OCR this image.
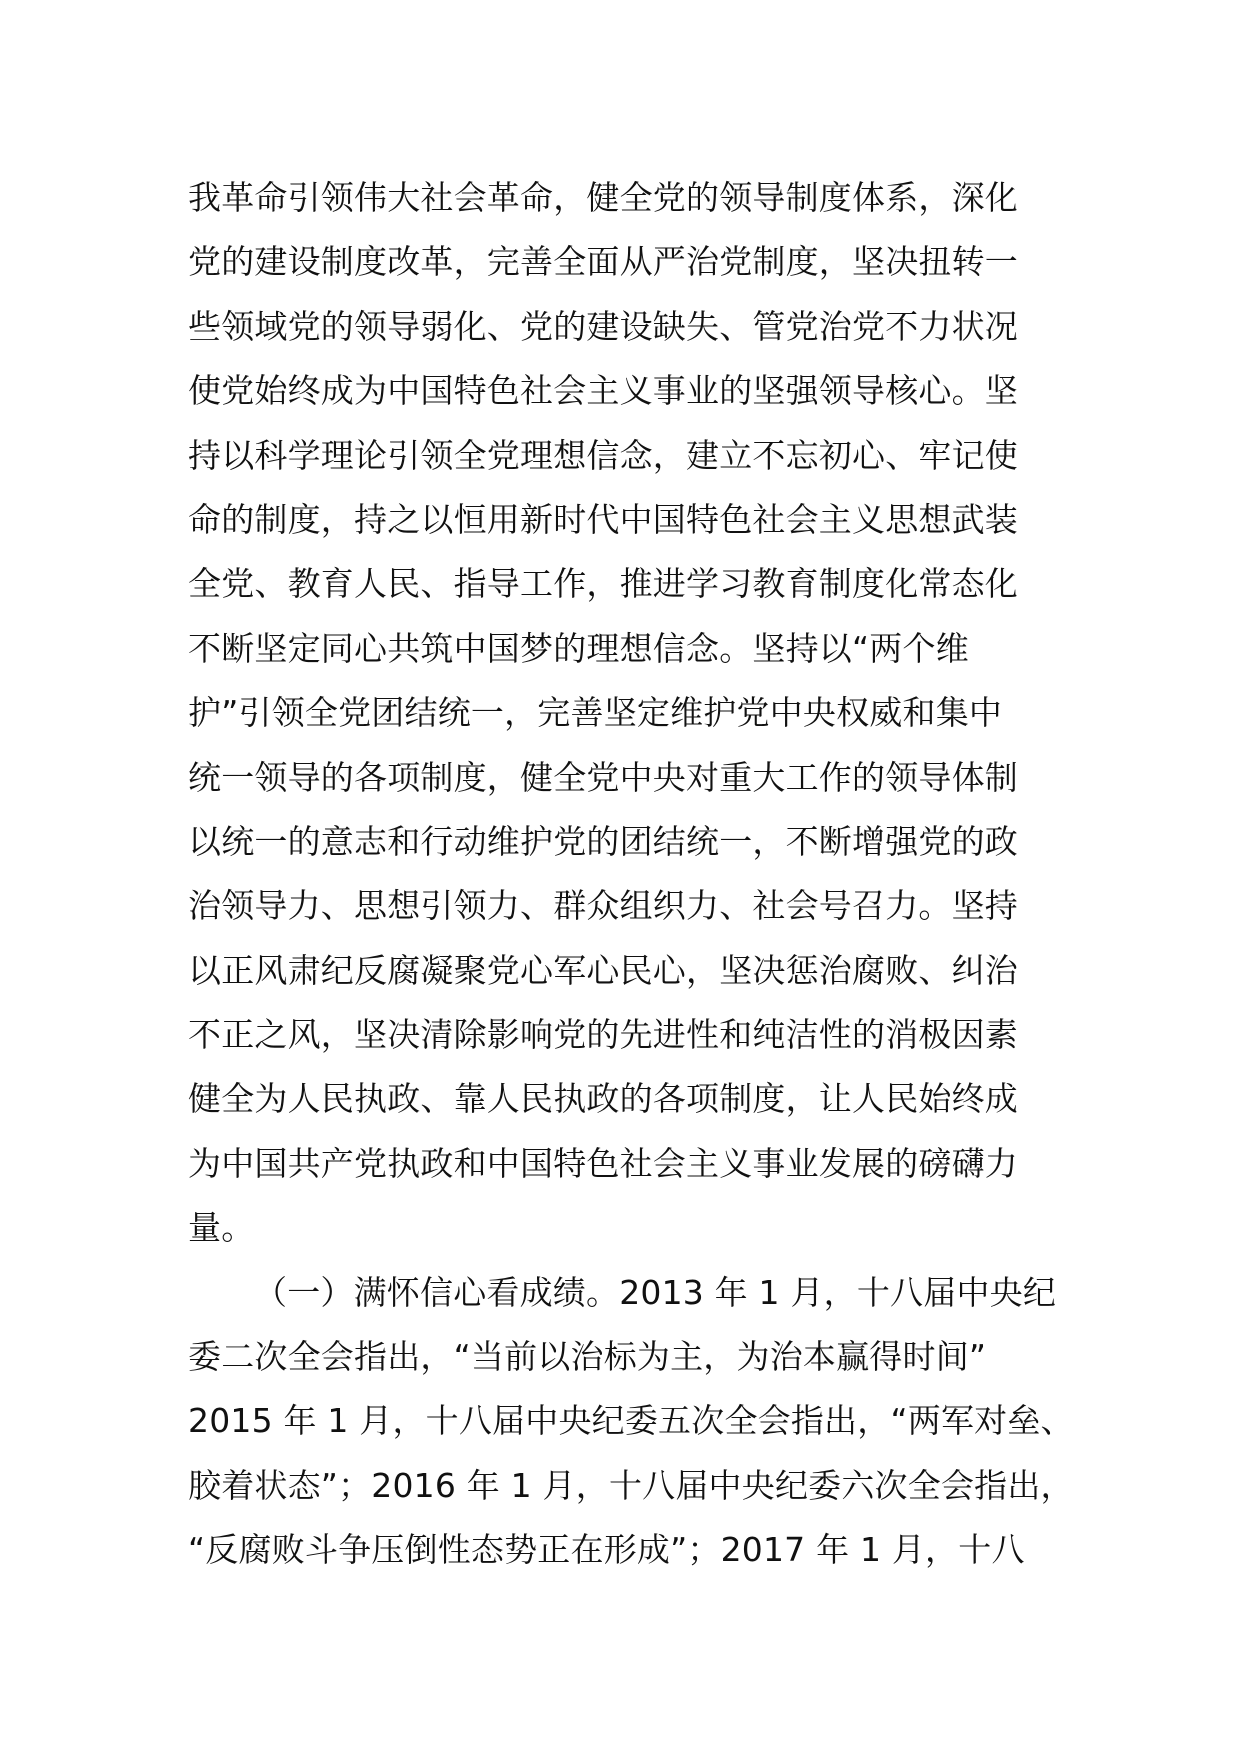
我革命引领伟大社会革命，健全党的领导制度体系，深化
党的建设制度改革，完善全面从严治党制度，坚决扭转一
些领域党的领导弱化、党的建设缺失、管党治党不力状况
使党始终成为中国特色社会主义事业的坚强领导核心。坚
持以科学理论引领全党理想信念，建立不忘初心、牢记使
命的制度，持之以恒用新时代中国特色社会主义思想武装
全党、教育人民、指导工作，推进学习教育制度化常态化
不断坚定同心共筑中国梦的理想信念。坚持以“两个维
护”引领全党团结统一，完善坚定维护党中央权威和集中
统一领导的各项制度，健全党中央对重大工作的领导体制
以统一的意志和行动维护党的团结统一，不断增强党的政
治领导力、思想引领力、群众组织力、社会号召力。坚持
以正风肃纪反腐凝聚党心军心民心，坚决惩治腐败、纠治
不正之风，坚决清除影响党的先进性和纯洁性的消极因素
健全为人民执政、靠人民执政的各项制度，让人民始终成
为中国共产党执政和中国特色社会主义事业发展的磅礴力
量。
（一）满怀信心看成绩。2013 年 1 月，十八届中央纪
委二次全会指出，“当前以治标为主，为治本赢得时间”
2015 年 1 月，十八届中央纪委五次全会指出，“两军对垒、
胶着状态”；2016 年 1 月，十八届中央纪委六次全会指出，
“反腐败斗争压倒性态势正在形成”；2017 年 1 月，十八
